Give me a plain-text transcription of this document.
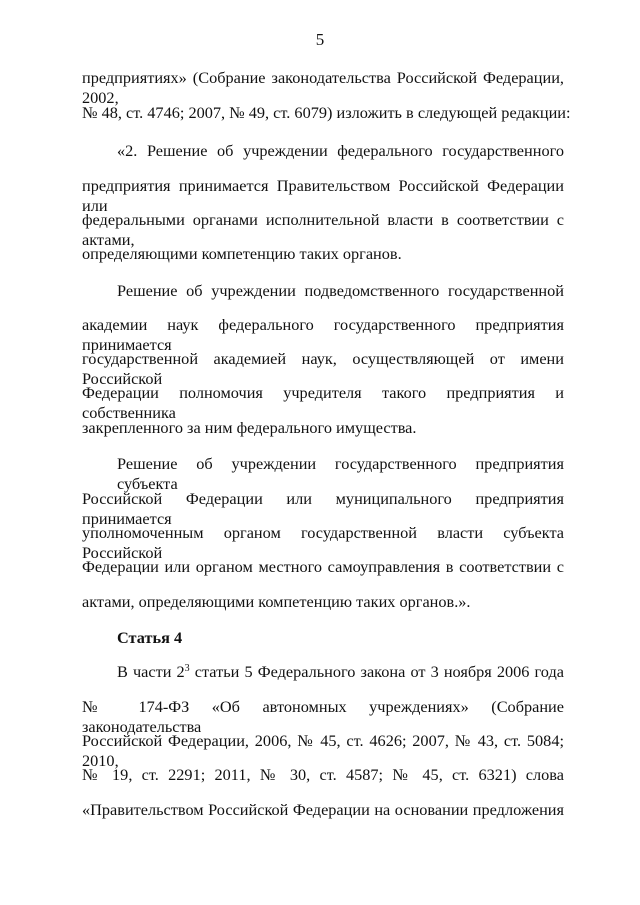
5
предприятиях» (Собрание законодательства Российской Федерации, 2002,
№ 48, ст. 4746; 2007, № 49, ст. 6079) изложить в следующей редакции:
«2. Решение об учреждении федерального государственного
предприятия принимается Правительством Российской Федерации или
федеральными органами исполнительной власти в соответствии с актами,
определяющими компетенцию таких органов.
Решение об учреждении подведомственного государственной
академии наук федерального государственного предприятия принимается
государственной академией наук, осуществляющей от имени Российской
Федерации полномочия учредителя такого предприятия и собственника
закрепленного за ним федерального имущества.
Решение об учреждении государственного предприятия субъекта
Российской Федерации или муниципального предприятия принимается
уполномоченным органом государственной власти субъекта Российской
Федерации или органом местного самоуправления в соответствии с
актами, определяющими компетенцию таких органов.».
Статья 4
В части $2^3$ статьи 5 Федерального закона от 3 ноября 2006 года
№ 174-ФЗ «Об автономных учреждениях» (Собрание законодательства
Российской Федерации, 2006, № 45, ст. 4626; 2007, № 43, ст. 5084; 2010,
№ 19, ст. 2291; 2011, № 30, ст. 4587; № 45, ст. 6321) слова
«Правительством Российской Федерации на основании предложения
